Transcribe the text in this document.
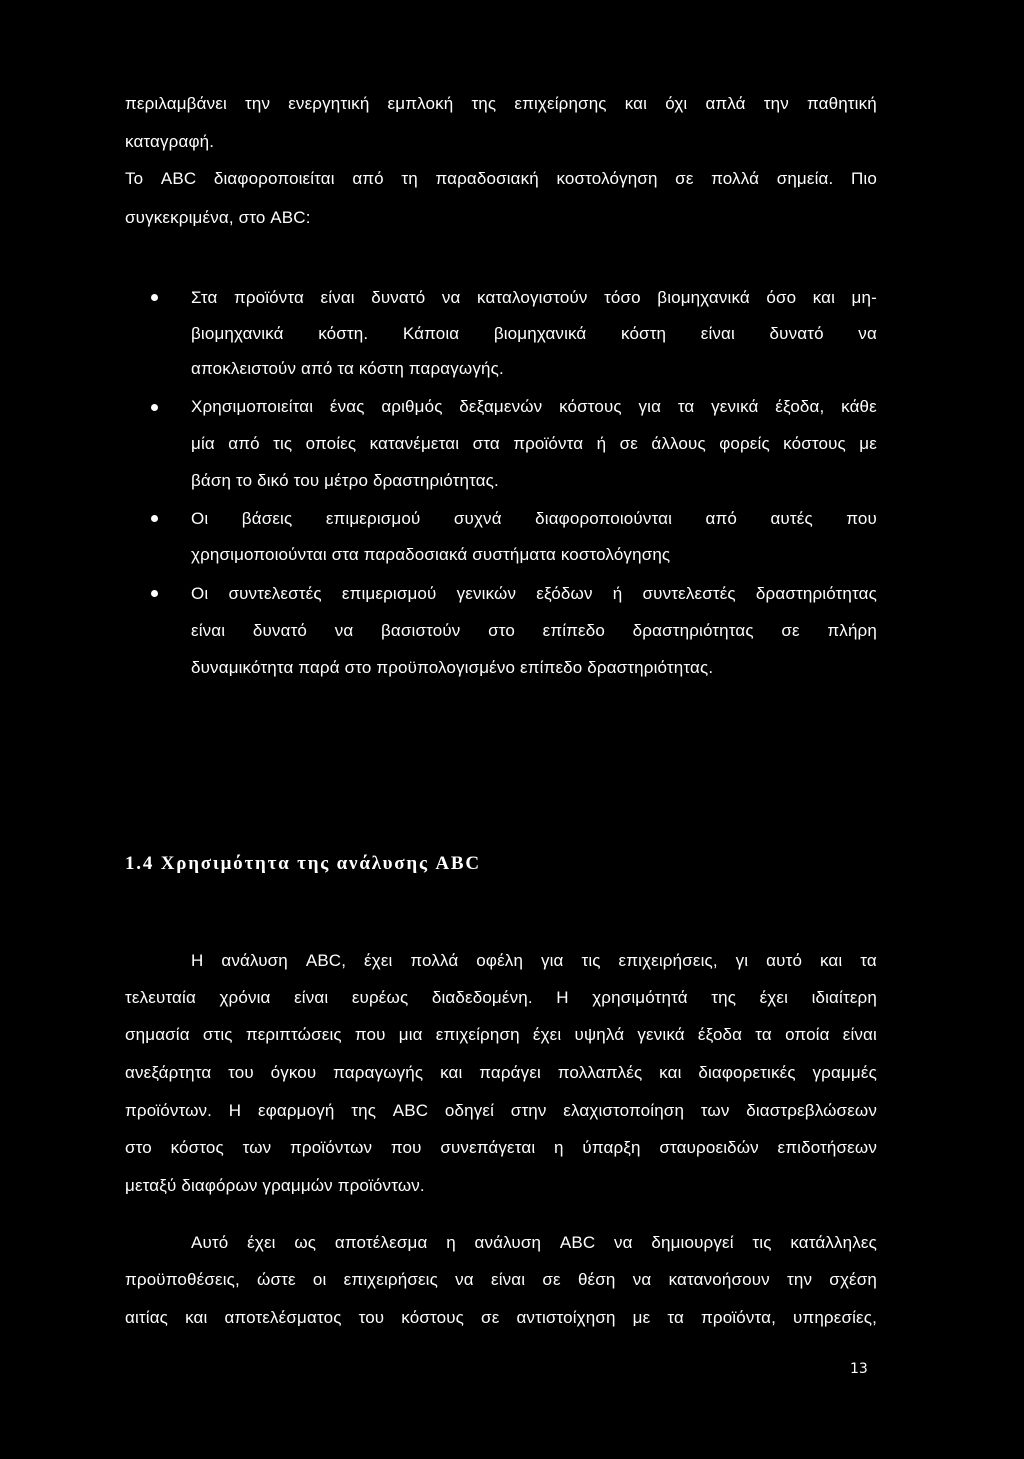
περιλαμβάνει την ενεργητική εμπλοκή της επιχείρησης και όχι απλά την παθητική
καταγραφή.
Το ABC διαφοροποιείται από τη παραδοσιακή κοστολόγηση σε πολλά σημεία. Πιο
συγκεκριμένα, στο ABC:
Στα προϊόντα είναι δυνατό να καταλογιστούν τόσο βιομηχανικά όσο και μη-
βιομηχανικά κόστη. Κάποια βιομηχανικά κόστη είναι δυνατό να
αποκλειστούν από τα κόστη παραγωγής.
Χρησιμοποιείται ένας αριθμός δεξαμενών κόστους για τα γενικά έξοδα, κάθε
μία από τις οποίες κατανέμεται στα προϊόντα ή σε άλλους φορείς κόστους με
βάση το δικό του μέτρο δραστηριότητας.
Οι βάσεις επιμερισμού συχνά διαφοροποιούνται από αυτές που
χρησιμοποιούνται στα παραδοσιακά συστήματα κοστολόγησης
Οι συντελεστές επιμερισμού γενικών εξόδων ή συντελεστές δραστηριότητας
είναι δυνατό να βασιστούν στο επίπεδο δραστηριότητας σε πλήρη
δυναμικότητα παρά στο προϋπολογισμένο επίπεδο δραστηριότητας.
1.4 Χρησιμότητα της ανάλυσης ABC
Η ανάλυση ABC, έχει πολλά οφέλη για τις επιχειρήσεις, γι αυτό και τα
τελευταία χρόνια είναι ευρέως διαδεδομένη. Η χρησιμότητά της έχει ιδιαίτερη
σημασία στις περιπτώσεις που μια επιχείρηση έχει υψηλά γενικά έξοδα τα οποία είναι
ανεξάρτητα του όγκου παραγωγής και παράγει πολλαπλές και διαφορετικές γραμμές
προϊόντων. Η εφαρμογή της ABC οδηγεί στην ελαχιστοποίηση των διαστρεβλώσεων
στο κόστος των προϊόντων που συνεπάγεται η ύπαρξη σταυροειδών επιδοτήσεων
μεταξύ διαφόρων γραμμών προϊόντων.
Αυτό έχει ως αποτέλεσμα η ανάλυση ABC να δημιουργεί τις κατάλληλες
προϋποθέσεις, ώστε οι επιχειρήσεις να είναι σε θέση να κατανοήσουν την σχέση
αιτίας και αποτελέσματος του κόστους σε αντιστοίχηση με τα προϊόντα, υπηρεσίες,
13
